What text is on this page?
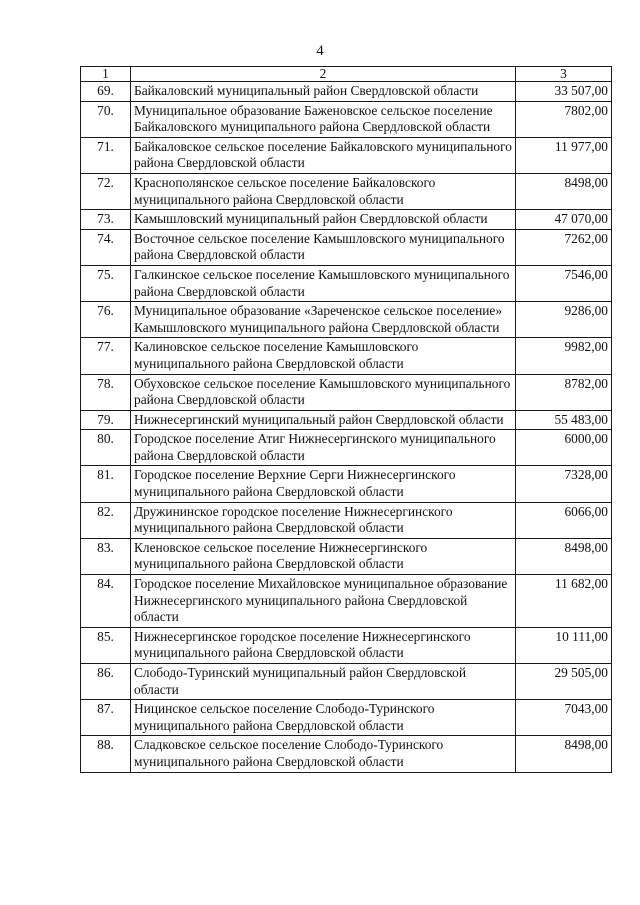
4
1	2	3
69.	Байкаловский муниципальный район Свердловской области	33 507,00
70.	Муниципальное образование Баженовское сельское поселение Байкаловского муниципального района Свердловской области	7802,00
71.	Байкаловское сельское поселение Байкаловского муниципального района Свердловской области	11 977,00
72.	Краснополянское сельское поселение Байкаловского муниципального района Свердловской области	8498,00
73.	Камышловский муниципальный район Свердловской области	47 070,00
74.	Восточное сельское поселение Камышловского муниципального района Свердловской области	7262,00
75.	Галкинское сельское поселение Камышловского муниципального района Свердловской области	7546,00
76.	Муниципальное образование «Зареченское сельское поселение» Камышловского муниципального района Свердловской области	9286,00
77.	Калиновское сельское поселение Камышловского муниципального района Свердловской области	9982,00
78.	Обуховское сельское поселение Камышловского муниципального района Свердловской области	8782,00
79.	Нижнесергинский муниципальный район Свердловской области	55 483,00
80.	Городское поселение Атиг Нижнесергинского муниципального района Свердловской области	6000,00
81.	Городское поселение Верхние Серги Нижнесергинского муниципального района Свердловской области	7328,00
82.	Дружининское городское поселение Нижнесергинского муниципального района Свердловской области	6066,00
83.	Кленовское сельское поселение Нижнесергинского муниципального района Свердловской области	8498,00
84.	Городское поселение Михайловское муниципальное образование Нижнесергинского муниципального района Свердловской области	11 682,00
85.	Нижнесергинское городское поселение Нижнесергинского муниципального района Свердловской области	10 111,00
86.	Слободо-Туринский муниципальный район Свердловской области	29 505,00
87.	Ницинское сельское поселение Слободо-Туринского муниципального района Свердловской области	7043,00
88.	Сладковское сельское поселение Слободо-Туринского муниципального района Свердловской области	8498,00
